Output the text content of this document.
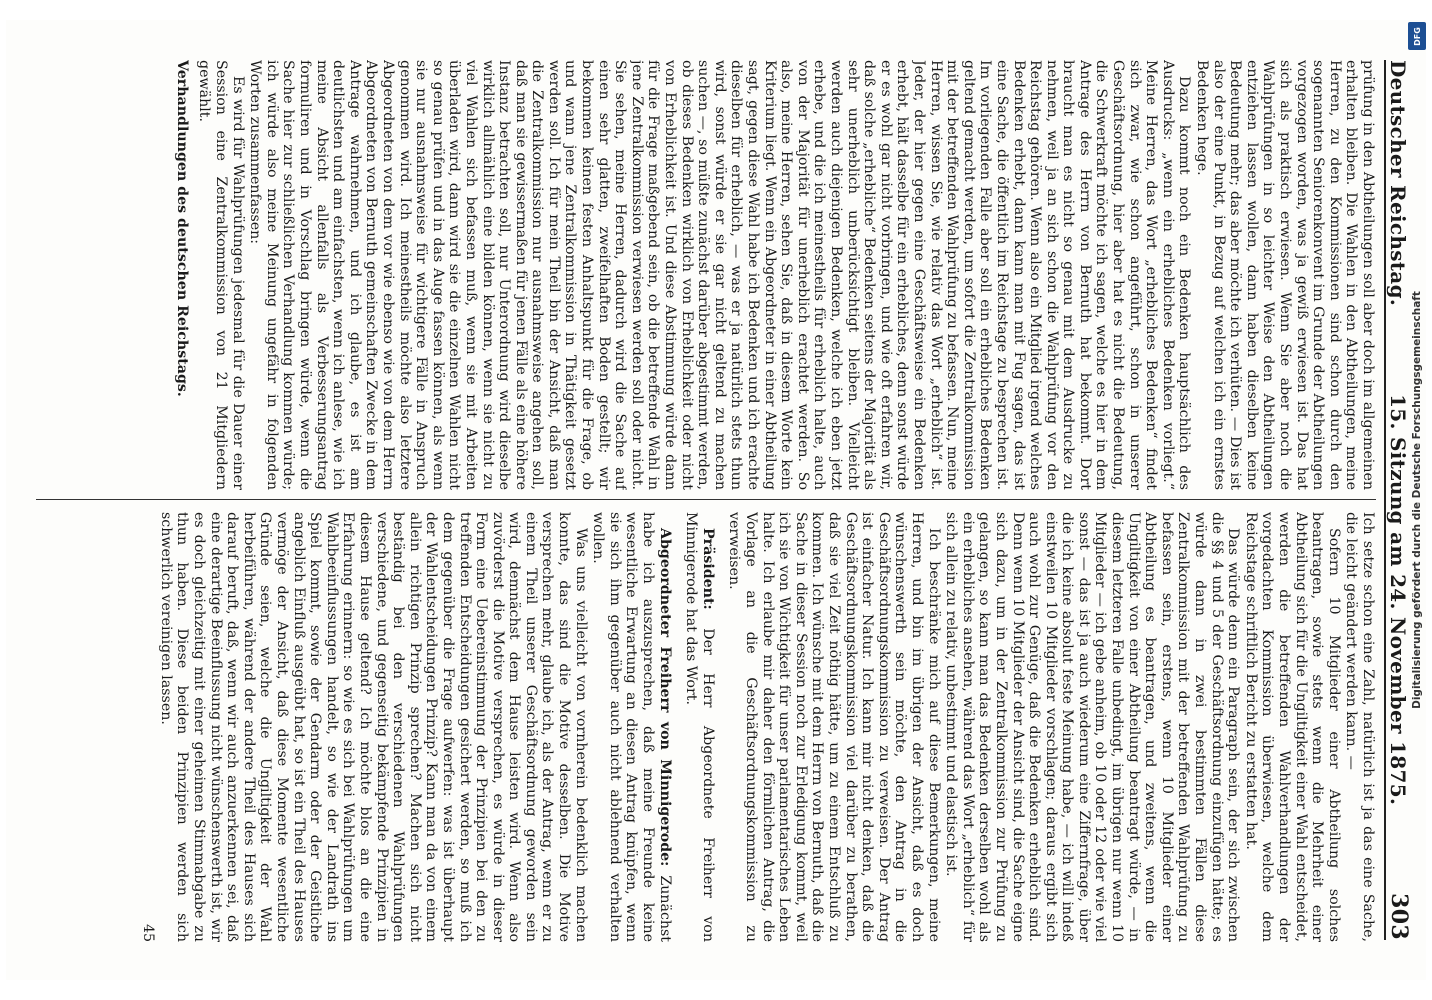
Deutscher Reichstag.
15. Sitzung am 24. November 1875.
303

prüfung in den Abtheilungen soll aber doch im allgemeinen erhalten bleiben. Die Wahlen in den Abtheilungen, meine Herren, zu den Kommissionen sind schon durch den sogenannten Seniorenkonvent im Grunde der Abtheilungen vorgezogen worden, was ja gewiß erwiesen ist. Das hat sich als praktisch erwiesen. Wenn Sie aber noch die Wahlprüfungen in so leichter Weise den Abtheilungen entziehen lassen wollen, dann haben dieselben keine Bedeutung mehr; das aber möchte ich verhüten. — Dies ist also der eine Punkt, in Bezug auf welchen ich ein ernstes Bedenken hege.

Dazu kommt noch ein Bedenken hauptsächlich des Ausdrucks: „wenn ein erhebliches Bedenken vorliegt.“ Meine Herren, das Wort „erhebliches Bedenken“ findet sich zwar, wie schon angeführt, schon in unserer Geschäftsordnung, hier aber hat es nicht die Bedeutung, die Schwerkraft möchte ich sagen, welche es hier in dem Antrage des Herrn von Bernuth hat bekommt. Dort braucht man es nicht so genau mit dem Ausdrucke zu nehmen, weil ja an sich schon die Wahlprüfung vor den Reichstag gehören. Wenn also ein Mitglied irgend welches Bedenken erhebt, dann kann man mit Fug sagen, das ist eine Sache, die öffentlich im Reichstage zu besprechen ist. Im vorliegenden Falle aber soll ein erhebliches Bedenken geltend gemacht werden, um sofort die Zentralkommission mit der betreffenden Wahlprüfung zu befassen. Nun, meine Herren, wissen Sie, wie relativ das Wort „erheblich“ ist. Jeder, der hier gegen eine Geschäftsweise ein Bedenken erhebt, hält dasselbe für ein erhebliches, denn sonst würde er es wohl gar nicht vorbringen, und wie oft erfahren wir, daß solche „erhebliche“ Bedenken seitens der Majorität als sehr unerheblich unberücksichtigt bleiben. Vielleicht werden auch diejenigen Bedenken, welche ich eben jetzt erhebe, und die ich meinestheils für erheblich halte, auch von der Majorität für unerheblich erachtet werden. So also, meine Herren, sehen Sie, daß in diesem Worte kein Kriterium liegt. Wenn ein Abgeordneter in einer Abtheilung sagt, gegen diese Wahl habe ich Bedenken und ich erachte dieselben für erheblich, — was er ja natürlich stets thun wird, sonst würde er sie gar nicht geltend zu machen suchen —, so müßte zunächst darüber abgestimmt werden, ob dieses Bedenken wirklich von Erheblichkeit oder nicht von Erheblichkeit ist. Und diese Abstimmung würde dann für die Frage maßgebend sein, ob die betreffende Wahl in jene Zentralkommission verwiesen werden soll oder nicht. Sie sehen, meine Herren, dadurch wird die Sache auf einen sehr glatten, zweifelhaften Boden gestellt; wir bekommen keinen festen Anhaltspunkt für die Frage, ob und wann jene Zentralkommission in Thätigkeit gesetzt werden soll. Ich für mein Theil bin der Ansicht, daß man die Zentralkommission nur ausnahmsweise angehen soll, daß man sie gewissermaßen für jenen Fälle als eine höhere Instanz betrachten soll, nur Unterordnung wird dieselbe wirklich allmählich eine bilden können, wenn sie nicht zu viel Wahlen sich befassen muß, wenn sie mit Arbeiten überladen wird, dann wird sie die einzelnen Wahlen nicht so genau prüfen und in das Auge fassen können, als wenn sie nur ausnahmsweise für wichtigere Fälle in Anspruch genommen wird. Ich meinestheils möchte also letztere Abgeordneten von dem vor wie ebenso wie von dem Herrn Abgeordneten von Bernuth gemeinschaften Zwecke in dem Antrage wahrnehmen, und ich glaube, es ist am deutlichsten und am einfachsten, wenn ich anlese, wie ich meine Absicht allenfalls als Verbesserungsantrag formuliren und in Vorschlag bringen würde, wenn die Sache hier zur schließlichen Verhandlung kommen würde; ich würde also meine Meinung ungefähr in folgenden Worten zusammenfassen:

Es wird für Wahlprüfungen jedesmal für die Dauer einer Session eine Zentralkommission von 21 Mitgliedern gewählt.

Verhandlungen des deutschen Reichstags.

Ich setze schon eine Zahl, natürlich ist ja das eine Sache, die leicht geändert werden kann. —

Sofern 10 Mitglieder einer Abtheilung solches beantragen, sowie stets wenn die Mehrheit einer Abtheilung sich für die Ungiltigkeit einer Wahl entscheidet, werden die betreffenden Wahlverhandlungen der vorgedachten Kommission überwiesen, welche dem Reichstage schriftlich Bericht zu erstatten hat.

Das würde denn ein Paragraph sein, der sich zwischen die §§ 4 und 5 der Geschäftsordnung einzufügen hätte; es würde dann in zwei bestimmten Fällen diese Zentralkommission mit der betreffenden Wahlprüfung zu befassen sein, erstens, wenn 10 Mitglieder einer Abtheilung es beantragen, und zweitens, wenn die Ungiltigkeit von einer Abtheilung beantragt würde, — in diesem letzteren Falle unbedingt, im übrigen nur wenn 10 Mitglieder — ich gebe anheim, ob 10 oder 12 oder wie viel sonst — das ist ja auch wiederum eine Ziffernfrage, über die ich keine absolut feste Meinung habe, — ich will indeß einstweilen 10 Mitglieder vorschlagen; daraus ergibt sich auch wohl zur Genüge, daß die Bedenken erheblich sind. Denn wenn 10 Mitglieder der Ansicht sind, die Sache eigne sich dazu, um in der Zentralkommission zur Prüfung zu gelangen, so kann man das Bedenken derselben wohl als ein erhebliches ansehen, während das Wort „erheblich“ für sich allein zu relativ, unbestimmt und elastisch ist.

Ich beschränke mich auf diese Bemerkungen, meine Herren, und bin im übrigen der Ansicht, daß es doch wünschenswerth sein möchte, den Antrag in die Geschäftsordnungskommission zu verweisen. Der Antrag ist einfacher Natur. Ich kann mir nicht denken, daß die Geschäftsordnungskommission viel darüber zu berathen, daß sie viel Zeit nöthig hätte, um zu einem Entschluß zu kommen. Ich wünsche mit dem Herrn von Bernuth, daß die Sache in dieser Session noch zur Erledigung kommt, weil ich sie von Wichtigkeit für unser parlamentarisches Leben halte. Ich erlaube mir daher den förmlichen Antrag, die Vorlage an die Geschäftsordnungskommission zu verweisen.

Präsident: Der Herr Abgeordnete Freiherr von Minnigerode hat das Wort.

Abgeordneter Freiherr von Minnigerode: Zunächst habe ich auszusprechen, daß meine Freunde keine wesentliche Erwartung an diesen Antrag knüpfen, wenn sie sich ihm gegenüber auch nicht ablehnend verhalten wollen.

Was uns vielleicht von vornherein bedenklich machen konnte, das sind die Motive desselben. Die Motive versprechen mehr, glaube ich, als der Antrag, wenn er zu einem Theil unserer Geschäftsordnung geworden sein wird, demnächst dem Hause leisten wird. Wenn also zuvörderst die Motive versprechen, es würde in dieser Form eine Uebereinstimmung der Prinzipien bei den zu treffenden Entscheidungen gesichert werden, so muß ich dem gegenüber die Frage aufwerfen: was ist überhaupt der Wahlentscheidungen Prinzip? Kann man da von einem allein richtigen Prinzip sprechen? Machen sich nicht beständig bei den verschiedenen Wahlprüfungen verschiedene, und gegenseitig bekämpfende Prinzipien in diesem Hause geltend? Ich möchte blos an die eine Erfahrung erinnern: so wie es sich bei Wahlprüfungen um Wahlbeeinflussungen handelt, so wie der Landrath ins Spiel kommt, sowie der Gendarm oder der Geistliche angeblich Einfluß ausgeübt hat, so ist ein Theil des Hauses vermöge der Ansicht, daß diese Momente wesentliche Gründe seien, welche die Ungiltigkeit der Wahl herbeiführen, während der andere Theil des Hauses sich darauf beruft, daß, wenn wir auch anzuerkennen sei, daß eine derartige Beeinflussung nicht wünschenswerth ist, wir es doch gleichzeitig mit einer geheimen Stimmabgabe zu thun haben. Diese beiden Prinzipien werden sich schwerlich vereinigen lassen.

45

Digitalisierung gefördert durch die Deutsche Forschungsgemeinschaft
DFG
